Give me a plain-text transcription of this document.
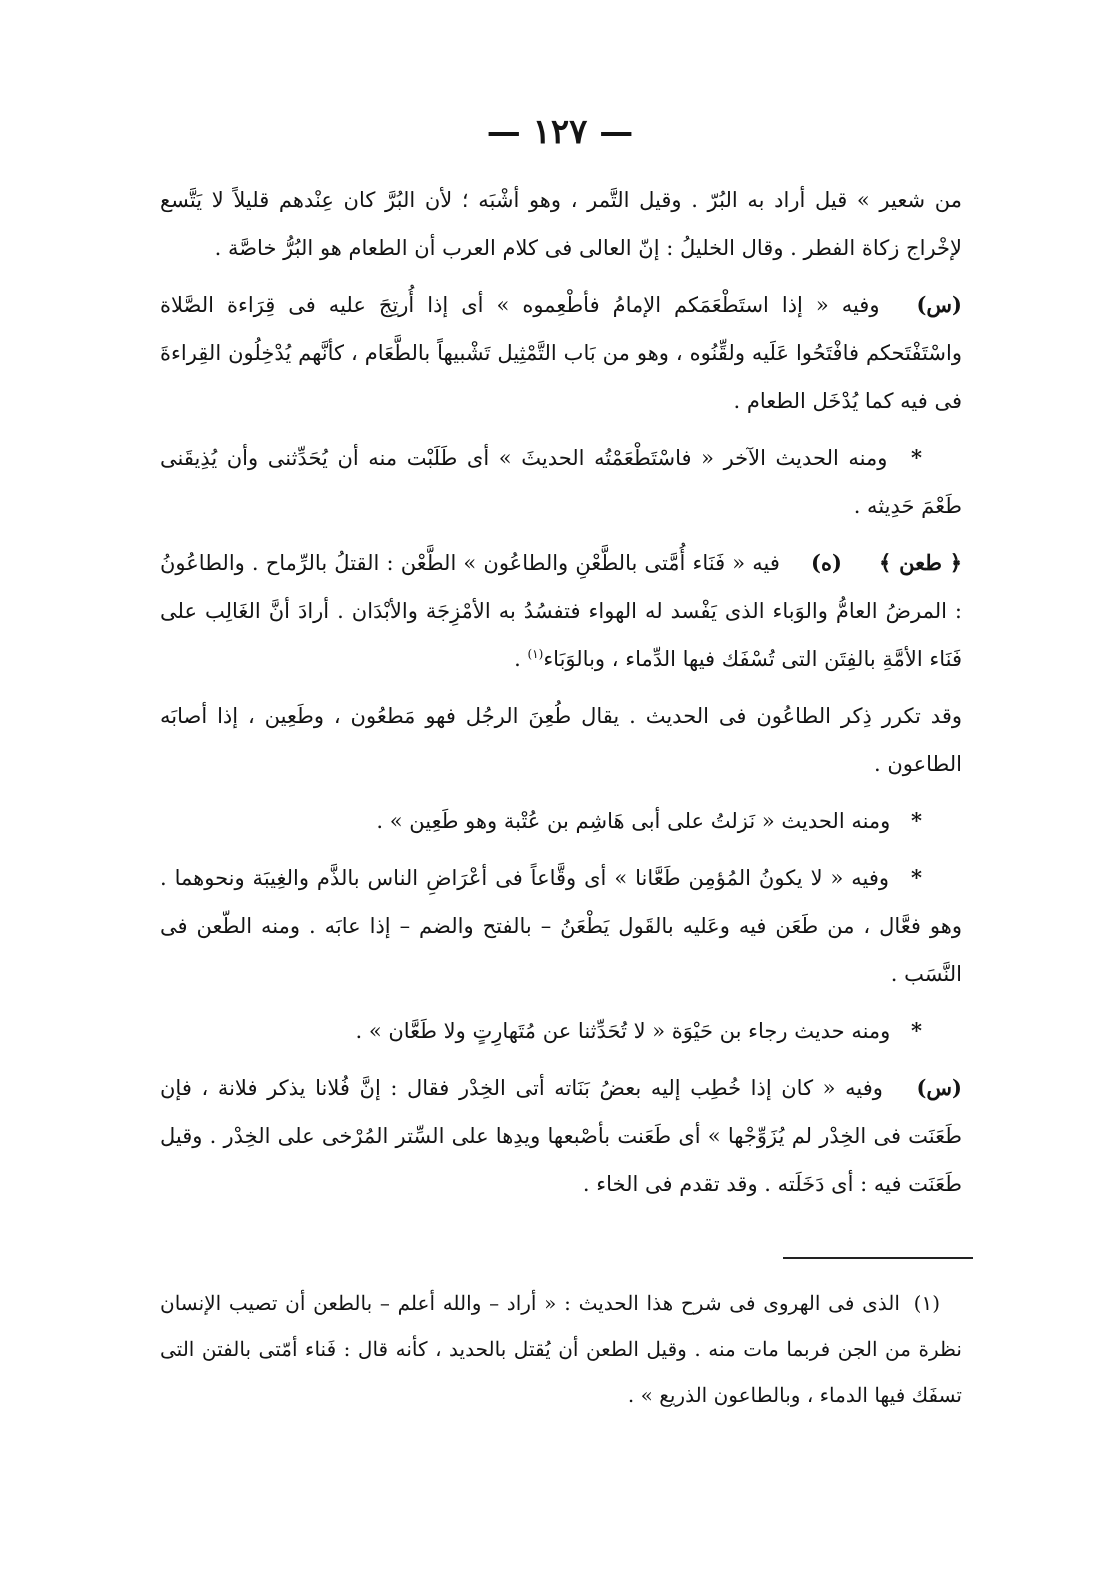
— ١٢٧ —

من شعير » قيل أراد به البُرّ . وقيل التَّمر ، وهو أشْبَه ؛ لأن البُرَّ كان عِنْدهم قليلاً لا يَتَّسع لإخْراج زكاة الفطر . وقال الخليلُ : إنّ العالى فى كلام العرب أن الطعام هو البُرُّ خاصَّة .

(س) وفيه « إذا استَطْعَمَكم الإمامُ فأطْعِموه » أى إذا أُرتِجَ عليه فى قِرَاءة الصَّلاة واسْتَفْتَحكم فافْتَحُوا عَلَيه ولقِّنُوه ، وهو من بَاب التَّمْثِيل تَشْبيهاً بالطَّعَام ، كأنَّهم يُدْخِلُون القِراءةَ فى فيه كما يُدْخَل الطعام .

* ومنه الحديث الآخر « فاسْتَطْعَمْتُه الحديثَ » أى طَلَبْت منه أن يُحَدِّثنى وأن يُذِيقَنى طَعْمَ حَدِيثه .

﴿ طعن ﴾ (ه) فيه « فَنَاء أُمَّتى بالطَّعْنِ والطاعُون » الطَّعْن : القتلُ بالرِّماح . والطاعُونُ : المرضُ العامُّ والوَباء الذى يَفْسد له الهواء فتفسُدُ به الأمْزِجَة والأبْدَان . أرادَ أنَّ الغَالِب على فَنَاء الأمَّةِ بالفِتَن التى تُسْفَك فيها الدِّماء ، وبالوَبَاء$^{(١)}$ .

وقد تكرر ذِكر الطاعُون فى الحديث . يقال طُعِنَ الرجُل فهو مَطعُون ، وطَعِين ، إذا أصابَه الطاعون .

* ومنه الحديث « نَزلتُ على أبى هَاشِم بن عُتْبة وهو طَعِين » .

* وفيه « لا يكونُ المُؤمِن طَعَّانا » أى وقَّاعاً فى أعْرَاضِ الناس بالذَّم والغِيبَة ونحوهما . وهو فعَّال ، من طَعَن فيه وعَليه بالقَول يَطْعَنُ – بالفتح والضم – إذا عابَه . ومنه الطّعن فى النَّسَب .

* ومنه حديث رجاء بن حَيْوَة « لا تُحَدِّثنا عن مُتَهارِتٍ ولا طَعَّان » .

(س) وفيه « كان إذا خُطِب إليه بعضُ بَنَاته أتى الخِدْر فقال : إنَّ فُلانا يذكر فلانة ، فإن طَعَنَت فى الخِدْر لم يُزَوِّجْها » أى طَعَنت بأصْبعها ويدِها على السِّتر المُرْخى على الخِدْر . وقيل طَعَنَت فيه : أى دَخَلَته . وقد تقدم فى الخاء .

(١) الذى فى الهروى فى شرح هذا الحديث : « أراد – والله أعلم – بالطعن أن تصيب الإنسان نظرة من الجن فربما مات منه . وقيل الطعن أن يُقتل بالحديد ، كأنه قال : فَناء أمّتى بالفتن التى تسفَك فيها الدماء ، وبالطاعون الذريع » .
